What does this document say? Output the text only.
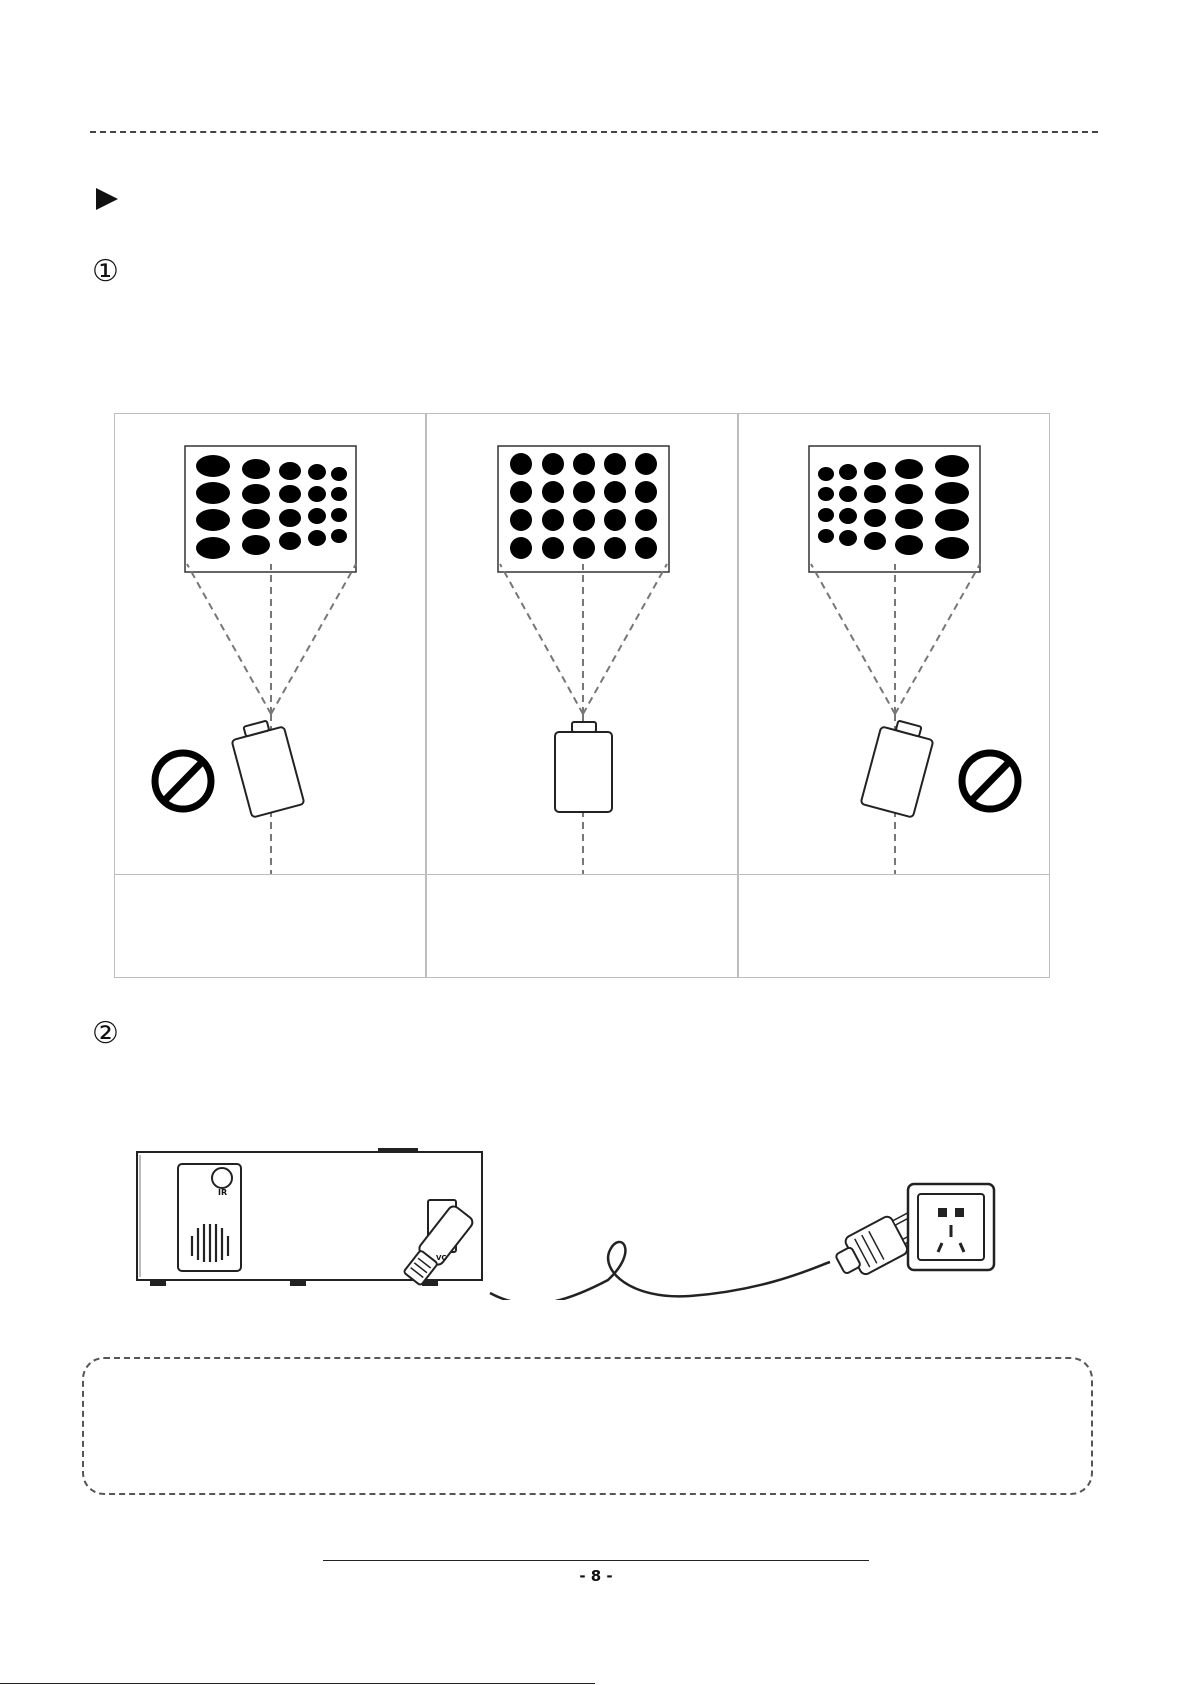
①
②
IR
VC
- 8 -
